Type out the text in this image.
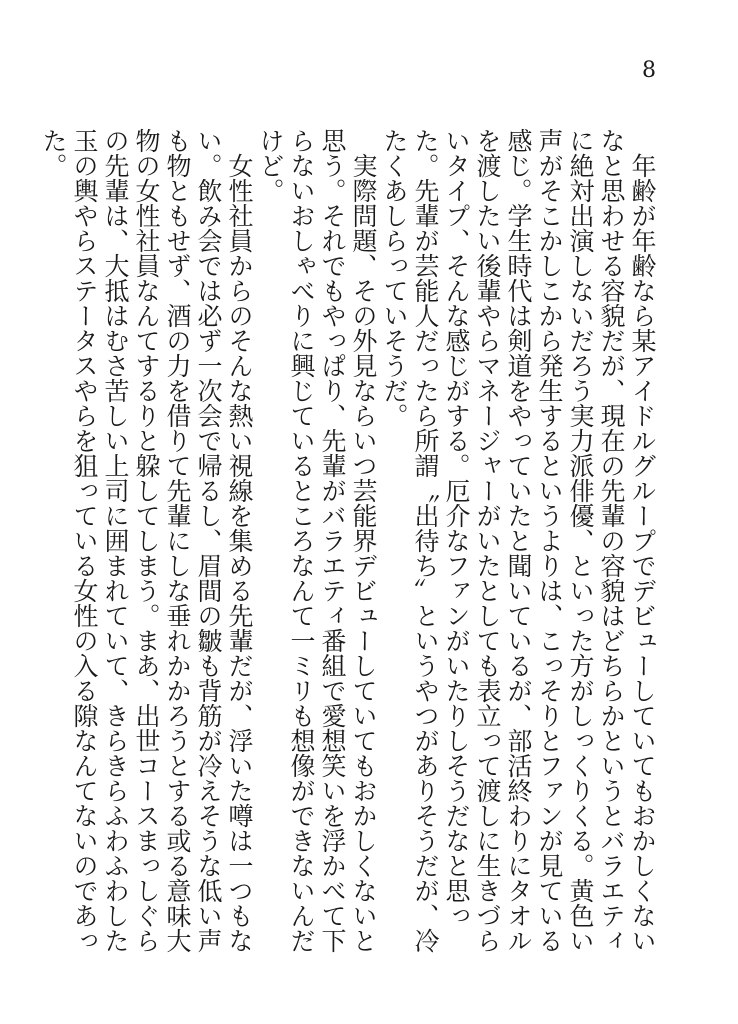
8

年齢が年齢なら某アイドルグループでデビューしていてもおかしくないなと思わせる容貌だが、現在の先輩の容貌はどちらかというとバラエティに絶対出演しないだろう実力派俳優、といった方がしっくりくる。黄色い声がそこかしこから発生するというよりは、こっそりとファンが見ている感じ。学生時代は剣道をやっていたと聞いているが、部活終わりにタオルを渡したい後輩やらマネージャーがいたとしても表立って渡しに生きづらいタイプ、そんな感じがする。厄介なファンがいたりしそうだなと思った。先輩が芸能人だったら所謂〝出待ち〟というやつがありそうだが、冷たくあしらっていそうだ。

実際問題、その外見ならいつ芸能界デビューしていてもおかしくないと思う。それでもやっぱり、先輩がバラエティ番組で愛想笑いを浮かべて下らないおしゃべりに興じているところなんて一ミリも想像ができないんだけど。

女性社員からのそんな熱い視線を集める先輩だが、浮いた噂は一つもない。飲み会では必ず一次会で帰るし、眉間の皺も背筋が冷えそうな低い声も物ともせず、酒の力を借りて先輩にしな垂れかかろうとする或る意味大物の女性社員なんてするりと躱してしまう。まあ、出世コースまっしぐらの先輩は、大抵はむさ苦しい上司に囲まれていて、きらきらふわふわした玉の輿やらステータスやらを狙っている女性の入る隙なんてないのであった。
